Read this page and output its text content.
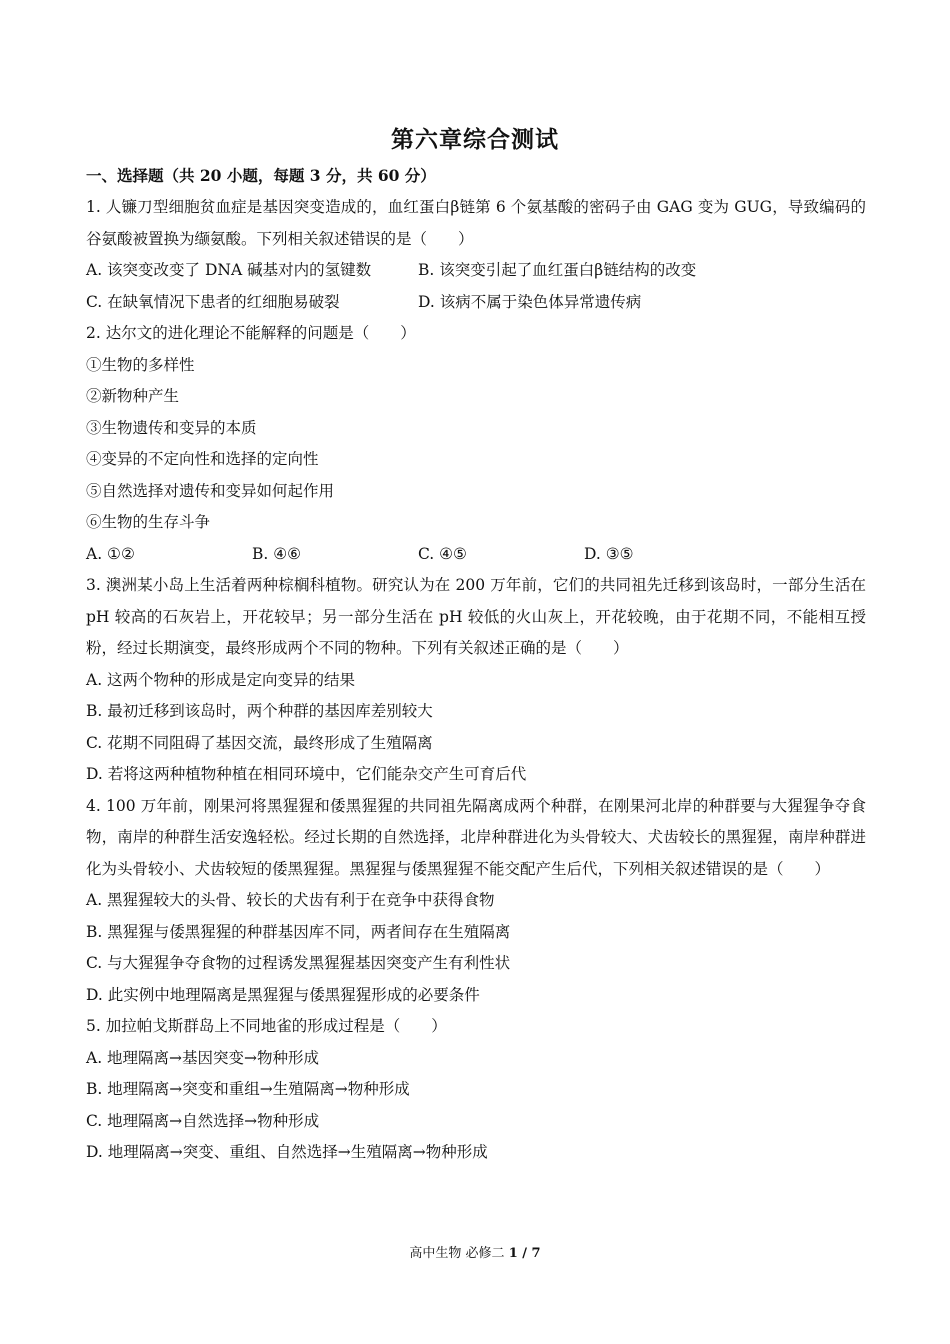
第六章综合测试
一、选择题（共 20 小题，每题 3 分，共 60 分）

1. 人镰刀型细胞贫血症是基因突变造成的，血红蛋白β链第 6 个氨基酸的密码子由 GAG 变为 GUG，导致编码的谷氨酸被置换为缬氨酸。下列相关叙述错误的是（　　）

A. 该突变改变了 DNA 碱基对内的氢键数	B. 该突变引起了血红蛋白β链结构的改变
C. 在缺氧情况下患者的红细胞易破裂	D. 该病不属于染色体异常遗传病

2. 达尔文的进化理论不能解释的问题是（　　）

①生物的多样性

②新物种产生

③生物遗传和变异的本质

④变异的不定向性和选择的定向性

⑤自然选择对遗传和变异如何起作用

⑥生物的生存斗争

A. ①②	B. ④⑥	C. ④⑤	D. ③⑤

3. 澳洲某小岛上生活着两种棕榈科植物。研究认为在 200 万年前，它们的共同祖先迁移到该岛时，一部分生活在 pH 较高的石灰岩上，开花较早；另一部分生活在 pH 较低的火山灰上，开花较晚，由于花期不同，不能相互授粉，经过长期演变，最终形成两个不同的物种。下列有关叙述正确的是（　　）

A. 这两个物种的形成是定向变异的结果

B. 最初迁移到该岛时，两个种群的基因库差别较大

C. 花期不同阻碍了基因交流，最终形成了生殖隔离

D. 若将这两种植物种植在相同环境中，它们能杂交产生可育后代

4. 100 万年前，刚果河将黑猩猩和倭黑猩猩的共同祖先隔离成两个种群，在刚果河北岸的种群要与大猩猩争夺食物，南岸的种群生活安逸轻松。经过长期的自然选择，北岸种群进化为头骨较大、犬齿较长的黑猩猩，南岸种群进化为头骨较小、犬齿较短的倭黑猩猩。黑猩猩与倭黑猩猩不能交配产生后代，下列相关叙述错误的是（　　）

A. 黑猩猩较大的头骨、较长的犬齿有利于在竞争中获得食物

B. 黑猩猩与倭黑猩猩的种群基因库不同，两者间存在生殖隔离

C. 与大猩猩争夺食物的过程诱发黑猩猩基因突变产生有利性状

D. 此实例中地理隔离是黑猩猩与倭黑猩猩形成的必要条件

5. 加拉帕戈斯群岛上不同地雀的形成过程是（　　）

A. 地理隔离→基因突变→物种形成

B. 地理隔离→突变和重组→生殖隔离→物种形成

C. 地理隔离→自然选择→物种形成

D. 地理隔离→突变、重组、自然选择→生殖隔离→物种形成

高中生物 必修二 1 / 7
